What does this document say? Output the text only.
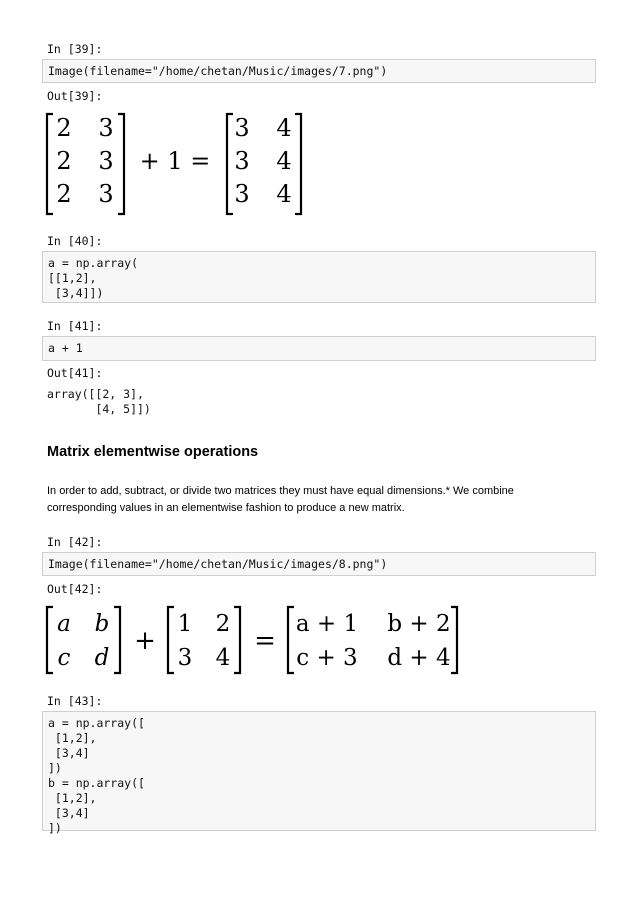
In [39]:
Image(filename="/home/chetan/Music/images/7.png")
Out[39]:
2 3
2 3
2 3
+ 1 =
3 4
3 4
3 4
In [40]:
a = np.array(
[[1,2],
[3,4]])
In [41]:
a + 1
Out[41]:
array([[2, 3],
[4, 5]])
Matrix elementwise operations
In order to add, subtract, or divide two matrices they must have equal dimensions.* We combine corresponding values in an elementwise fashion to produce a new matrix.
In [42]:
Image(filename="/home/chetan/Music/images/8.png")
Out[42]:
a b
c d
+
1 2
3 4
=
a + 1 b + 2
c + 3 d + 4
In [43]:
a = np.array([
[1,2],
[3,4]
])
b = np.array([
[1,2],
[3,4]
])
